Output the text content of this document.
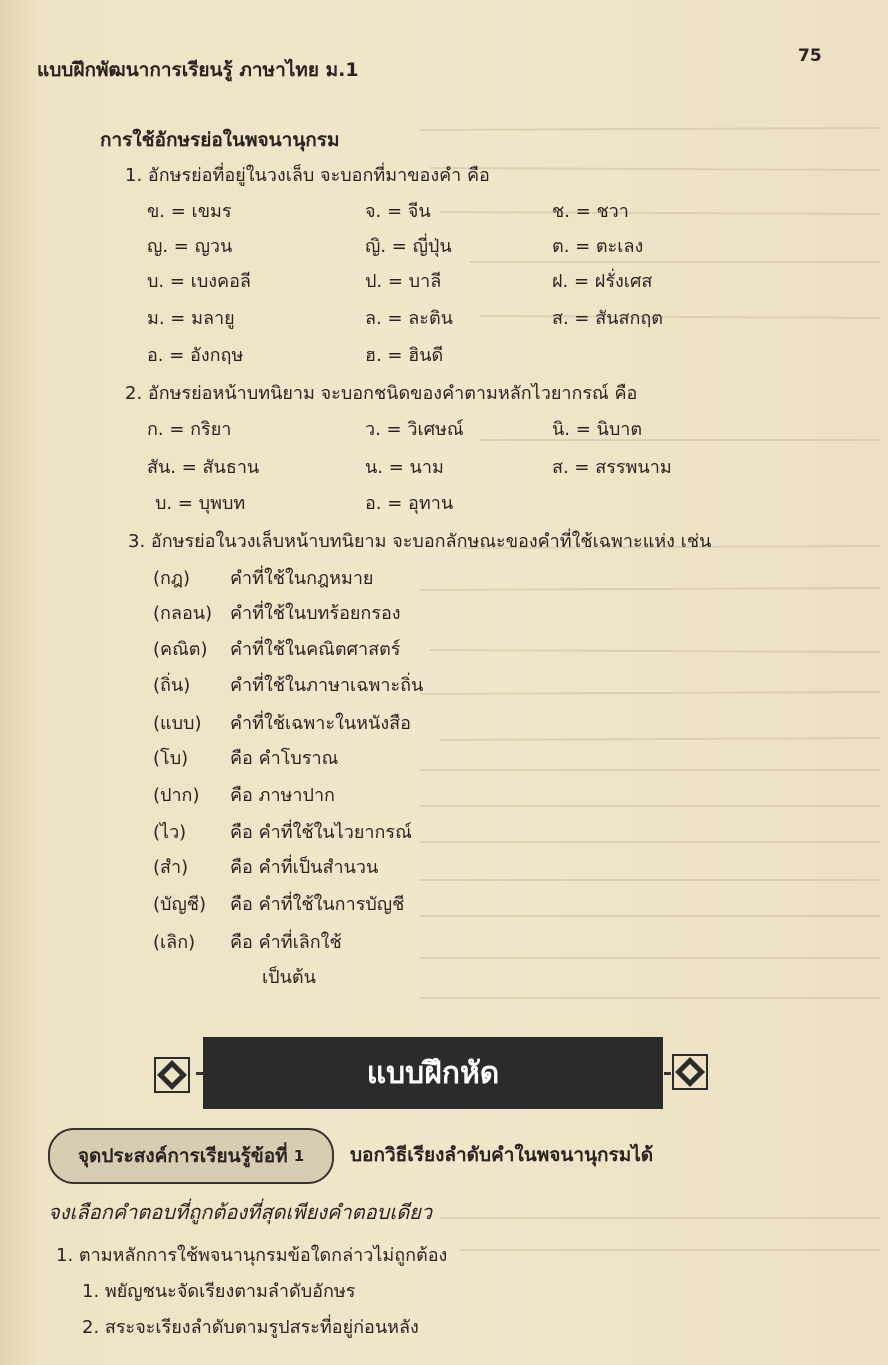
แบบฝึกพัฒนาการเรียนรู้ ภาษาไทย ม.1
75
การใช้อักษรย่อในพจนานุกรม
1. อักษรย่อที่อยู่ในวงเล็บ จะบอกที่มาของคำ คือ
ข. = เขมร	จ. = จีน	ช. = ชวา
ญ. = ญวน	ญิ. = ญี่ปุ่น	ต. = ตะเลง
บ. = เบงคอลี	ป. = บาลี	ฝ. = ฝรั่งเศส
ม. = มลายู	ล. = ละติน	ส. = สันสกฤต
อ. = อังกฤษ	ฮ. = ฮินดี
2. อักษรย่อหน้าบทนิยาม จะบอกชนิดของคำตามหลักไวยากรณ์ คือ
ก. = กริยา	ว. = วิเศษณ์	นิ. = นิบาต
สัน. = สันธาน	น. = นาม	ส. = สรรพนาม
บ. = บุพบท	อ. = อุทาน
3. อักษรย่อในวงเล็บหน้าบทนิยาม จะบอกลักษณะของคำที่ใช้เฉพาะแห่ง เช่น
(กฎ) คำที่ใช้ในกฎหมาย
(กลอน) คำที่ใช้ในบทร้อยกรอง
(คณิต) คำที่ใช้ในคณิตศาสตร์
(ถิ่น) คำที่ใช้ในภาษาเฉพาะถิ่น
(แบบ) คำที่ใช้เฉพาะในหนังสือ
(โบ) คือ คำโบราณ
(ปาก) คือ ภาษาปาก
(ไว) คือ คำที่ใช้ในไวยากรณ์
(สำ) คือ คำที่เป็นสำนวน
(บัญชี) คือ คำที่ใช้ในการบัญชี
(เลิก) คือ คำที่เลิกใช้
เป็นต้น
แบบฝึกหัด
จุดประสงค์การเรียนรู้ข้อที่ 1 บอกวิธีเรียงลำดับคำในพจนานุกรมได้
จงเลือกคำตอบที่ถูกต้องที่สุดเพียงคำตอบเดียว
1. ตามหลักการใช้พจนานุกรมข้อใดกล่าวไม่ถูกต้อง
1. พยัญชนะจัดเรียงตามลำดับอักษร
2. สระจะเรียงลำดับตามรูปสระที่อยู่ก่อนหลัง
